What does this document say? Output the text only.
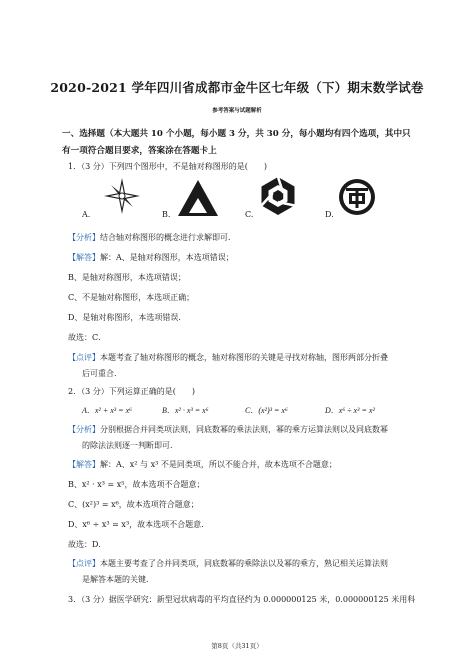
2020-2021 学年四川省成都市金牛区七年级（下）期末数学试卷
参考答案与试题解析
一、选择题（本大题共 10 个小题，每小题 3 分，共 30 分，每小题均有四个选项，其中只
有一项符合题目要求，答案涂在答题卡上
1．（3 分）下列四个图形中，不是轴对称图形的是(　　)
A.	B.	C.	D.
【分析】结合轴对称图形的概念进行求解即可．
【解答】解：A、是轴对称图形，本选项错误；
B、是轴对称图形，本选项错误；
C、不是轴对称图形，本选项正确；
D、是轴对称图形，本选项错误．
故选：C．
【点评】本题考查了轴对称图形的概念，轴对称图形的关键是寻找对称轴，图形两部分折叠
后可重合．
2．（3 分）下列运算正确的是(　　)
A．x² + x³ = x⁶	B．x² · x³ = x⁶	C．(x²)³ = x⁶	D．x⁶ ÷ x³ = x²
【分析】分别根据合并同类项法则，同底数幂的乘法法则，幂的乘方运算法则以及同底数幂
的除法法则逐一判断即可．
【解答】解：A、x² 与 x³ 不是同类项，所以不能合并，故本选项不合题意；
B、x² · x³ = x⁵，故本选项不合题意；
C、(x²)³ = x⁶，故本选项符合题意；
D、x⁶ ÷ x³ = x³，故本选项不合题意．
故选：D．
【点评】本题主要考查了合并同类项，同底数幂的乘除法以及幂的乘方，熟记相关运算法则
是解答本题的关键．
3．（3 分）据医学研究：新型冠状病毒的平均直径约为 0.000000125 米，0.000000125 米用科
第8页（共31页）
